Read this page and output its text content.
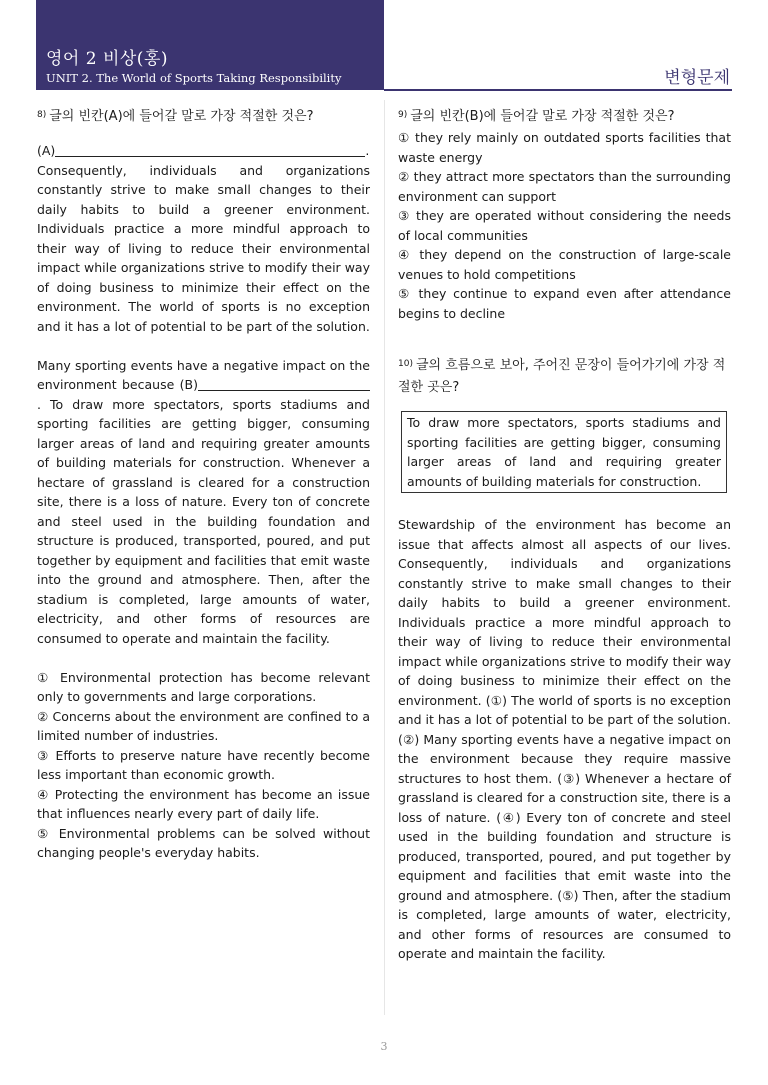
영어 2 비상(홍)
UNIT 2. The World of Sports Taking Responsibility	변형문제

$^{8)}$ 글의 빈칸(A)에 들어갈 말로 가장 적절한 것은?

(A)	.

Consequently, individuals and organizations constantly strive to make small changes to their daily habits to build a greener environment. Individuals practice a more mindful approach to their way of living to reduce their environmental impact while organizations strive to modify their way of doing business to minimize their effect on the environment. The world of sports is no exception and it has a lot of potential to be part of the solution.

Many sporting events have a negative impact on the environment because (B). To draw more spectators, sports stadiums and sporting facilities are getting bigger, consuming larger areas of land and requiring greater amounts of building materials for construction. Whenever a hectare of grassland is cleared for a construction site, there is a loss of nature. Every ton of concrete and steel used in the building foundation and structure is produced, transported, poured, and put together by equipment and facilities that emit waste into the ground and atmosphere. Then, after the stadium is completed, large amounts of water, electricity, and other forms of resources are consumed to operate and maintain the facility.

① Environmental protection has become relevant only to governments and large corporations.

② Concerns about the environment are confined to a limited number of industries.

③ Efforts to preserve nature have recently become less important than economic growth.

④ Protecting the environment has become an issue that influences nearly every part of daily life.

⑤ Environmental problems can be solved without changing people's everyday habits.

$^{9)}$ 글의 빈칸(B)에 들어갈 말로 가장 적절한 것은?

① they rely mainly on outdated sports facilities that waste energy

② they attract more spectators than the surrounding environment can support

③ they are operated without considering the needs of local communities

④ they depend on the construction of large-scale venues to hold competitions

⑤ they continue to expand even after attendance begins to decline

$^{10)}$ 글의 흐름으로 보아, 주어진 문장이 들어가기에 가장 적절한 곳은?

To draw more spectators, sports stadiums and sporting facilities are getting bigger, consuming larger areas of land and requiring greater amounts of building materials for construction.

Stewardship of the environment has become an issue that affects almost all aspects of our lives. Consequently, individuals and organizations constantly strive to make small changes to their daily habits to build a greener environment. Individuals practice a more mindful approach to their way of living to reduce their environmental impact while organizations strive to modify their way of doing business to minimize their effect on the environment. (①) The world of sports is no exception and it has a lot of potential to be part of the solution. (②) Many sporting events have a negative impact on the environment because they require massive structures to host them. (③) Whenever a hectare of grassland is cleared for a construction site, there is a loss of nature. (④) Every ton of concrete and steel used in the building foundation and structure is produced, transported, poured, and put together by equipment and facilities that emit waste into the ground and atmosphere. (⑤) Then, after the stadium is completed, large amounts of water, electricity, and other forms of resources are consumed to operate and maintain the facility.

3
